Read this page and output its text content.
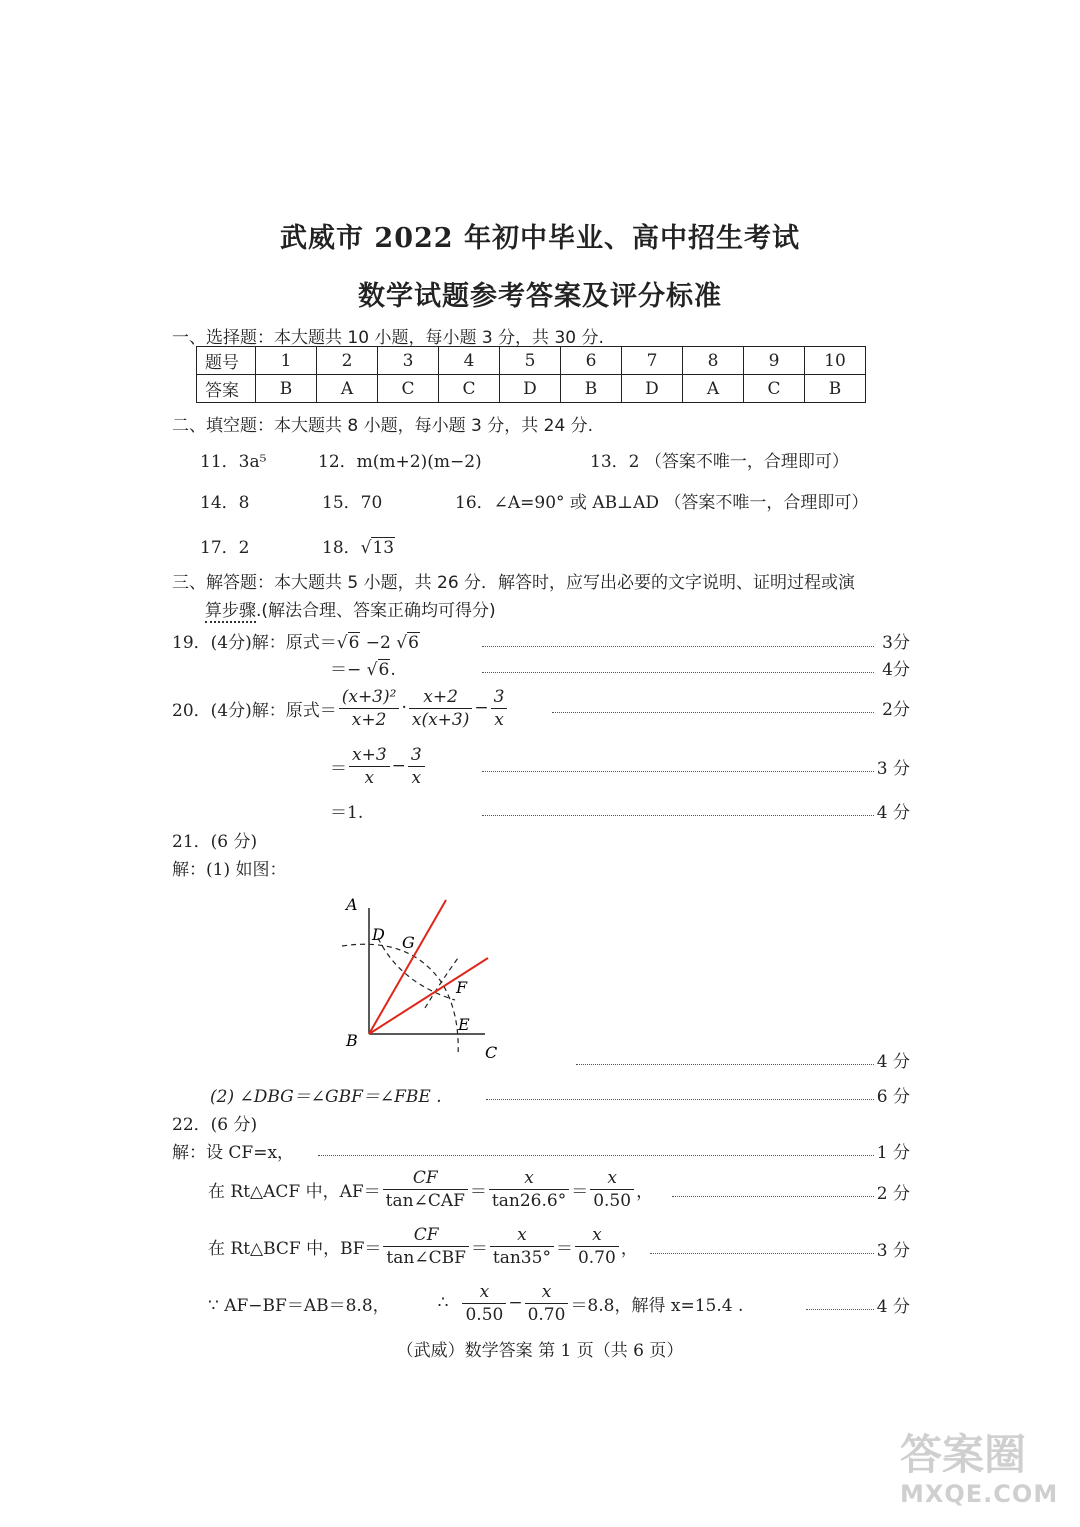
武威市 2022 年初中毕业、高中招生考试
数学试题参考答案及评分标准
一、选择题：本大题共 10 小题，每小题 3 分，共 30 分.
题号	1	2	3	4	5	6	7	8	9	10
答案	B	A	C	C	D	B	D	A	C	B
二、填空题：本大题共 8 小题，每小题 3 分，共 24 分.
11．3a⁵	12．m(m+2)(m−2)	13．2 （答案不唯一，合理即可）
14．8	15．70	16．∠A=90° 或 AB⊥AD （答案不唯一，合理即可）
17．2	18．√13
三、解答题：本大题共 5 小题，共 26 分．解答时，应写出必要的文字说明、证明过程或演
算步骤.(解法合理、答案正确均可得分)
19．(4分)解：原式＝√6 −2 √6	3分
＝− √6.	4分
20．(4分)解：原式＝ $\frac{\text{(x+3)²}}{x+2} \cdot \frac{x+2}{x(x+3)} - \frac{3}{x}$	2分
＝ $\frac{x+3}{x} - \frac{3}{x}$	3 分
＝1.	4 分
21．(6 分)
解：(1) 如图：
A
D G
F
E
B
C	4 分
(2) ∠DBG＝∠GBF＝∠FBE .	6 分
22．(6 分)
解：设 CF=x，	1 分
在 Rt△ACF 中，$AF= \frac{CF}{\text{tan∠CAF}} = \frac{x}{\tan 26.6^\circ} = \frac{x}{0.50}$ ，	2 分
在 Rt△BCF 中，$BF= \frac{CF}{\text{tan∠CBF}} = \frac{x}{\tan 35^\circ} = \frac{x}{0.70}$ ，	3 分
∵ AF−BF＝AB＝8.8，	∴ $\frac{x}{0.50} - \frac{x}{0.70} =8.8$，解得 x=15.4 .	4 分
（武威）数学答案 第 1 页（共 6 页）
答案圈
MXQE.COM
